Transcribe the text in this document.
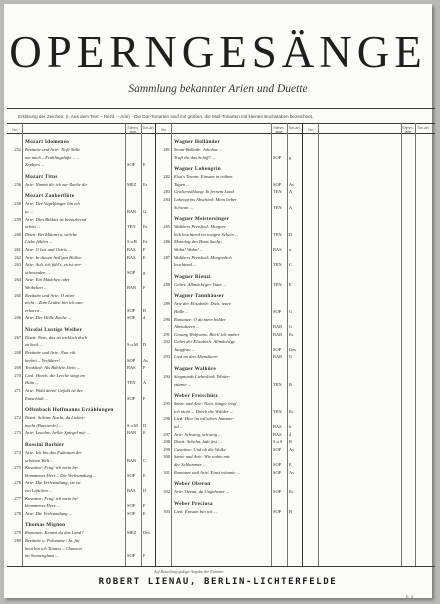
OPERNGESÄNGE
Sammlung bekannter Arien und Duette
Erklärung der Zeichen: (I. Aus dem Text – Rezit. – Arie) · Die Dur-Tonarten sind mit großen, die Moll-Tonarten mit kleinen Buchstaben bezeichnet.
No.	Stimm-lage
Ton-art	No.	Stimm-lage
Ton-art	No.	Stimm-lage
Ton-art
Mozart Idomeneo
252 Rezitativ und Arie: Tiefe Stille
um mich – Frühlingslüfte – ...
Zephyrs ...	SOP E
Mozart Titus
256 Arie: Nimmt dir ich zur Rache dir	MEZ Es
Mozart Zauberflöte
258 Arie: Der Vogelfänger bin ich
ja ...	BAR G
259 Arie: Dies Bildnis ist bezaubernd
schön ...	TEN Es
260 Duett: Bei Männern, welche
Liebe fühlen ...	S u.B Es
261 Arie: O Isis und Osiris ...	BAS F
262 Arie: In diesen heil'gen Hallen	BAS E
263 Arie: Ach, ich fühl's, es ist ver-
schwunden ...	SOP g
264 Arie: Ein Mädchen oder
Weibchen ...	BAR F
265 Rezitativ und Arie: O zittre
nicht – Zum Leiden bin ich aus-
erkoren ...	SOP B
266 Arie: Der Hölle Rache ...	SOP d
Nicolai Lustige Weiber
267 Duett: Nein, das ist wirklich doch
zu keck ...	S u.M D
268 Rezitativ und Arie: Nun eilt
herbei – Verführer! ...	SOP As
269 Trinklied: Als Büblein klein ...	BAS F
270 Lied: Horch, die Lerche singt im
Hain ...	TEN A
271 Arie: Wohl denn! Gefaßt ist der
Entschluß ...	SOP F
Offenbach Hoffmanns Erzählungen
272 Duett: Schöne Nacht, du Liebes-
nacht (Barcarole) ...	S u.M D
273 Arie: Leuchte, heller Spiegel mir ...	BAR E
Rossini Barbier
274 Arie: Ich bin das Faktotum der
schönen Welt ...	BAR C
275 Kavatine: Frag' ich mein be-
klommenes Herz – Die Verleumdung ...	SOP E
276 Arie: Die Verleumdung, sie ist
ein Lüftchen ...	BAS D
277 Kavatine: Frag' ich mein be-
klommenes Herz ...	SOP F
278 Arie: Die Verleumdung ...	SOP E
Thomas Mignon
279 Romanze: Kennst du das Land?	MEZ Des
280 Rezitativ u. Polonaise: Ja, für
heut bin ich Titania – Chanson
im Sonnenglanz ...	SOP F
Wagner Holländer
281 Senta-Ballade: Johohoe –
Traft ihr das Schiff? ...	SOP g
Wagner Lohengrin
282 Elsa's Traum: Einsam in trüben
Tagen ...	SOP As
283 Gralserzählung: In fernem Land	TEN A
284 Lohengrins Abschied: Mein lieber
Schwan ...	TEN A
Wagner Meistersinger
285 Walthers Preislied: Morgen-
lich leuchtend im rosigen Schein ...	TEN D
286 Monolog des Hans Sachs:
Wahn! Wahn! ...	BAS a
287 Walthers Preislied: Morgenlich
leuchtend ...	TEN C
Wagner Rienzi
288 Gebet: Allmächt'ger Vater ...	TEN E
Wagner Tannhäuser
289 Arie der Elisabeth: Dich, teure
Halle ...	SOP G
290 Romanze: O du mein holder
Abendstern ...	BAR G
291 Gesang Wolframs: Blick' ich umher	BAR Es
292 Gebet der Elisabeth: Allmächt'ge
Jungfrau ...	SOP Ges
293 Lied an den Abendstern	BAR G
Wagner Walküre
294 Siegmunds Liebeslied: Winter-
stürme ...	TEN B
Weber Freischütz
295 Szene und Arie: Nein, länger trag'
ich nicht ... Durch die Wälder ...	TEN Es
296 Lied: Hier im ird'schen Jammer-
tal ...	BAS h
297 Arie: Schweig, schweig ...	BAS d
298 Duett: Schelm, halt fest ...	S u.S B
299 Cavatine: Und ob die Wolke	SOP As
300 Szene und Arie: Wie nahte mir
der Schlummer ...	SOP E
301 Romanze und Arie: Einst träumte ...	SOP As
Weber Oberon
302 Arie: Ozean, du Ungeheuer ...	SOP Es
Weber Preciosa
303 Lied: Einsam bin ich ...	SOP B
Auf Bestellung gültige Angabe der Nummer
ROBERT LIENAU, BERLIN-LICHTERFELDE
E. 3
